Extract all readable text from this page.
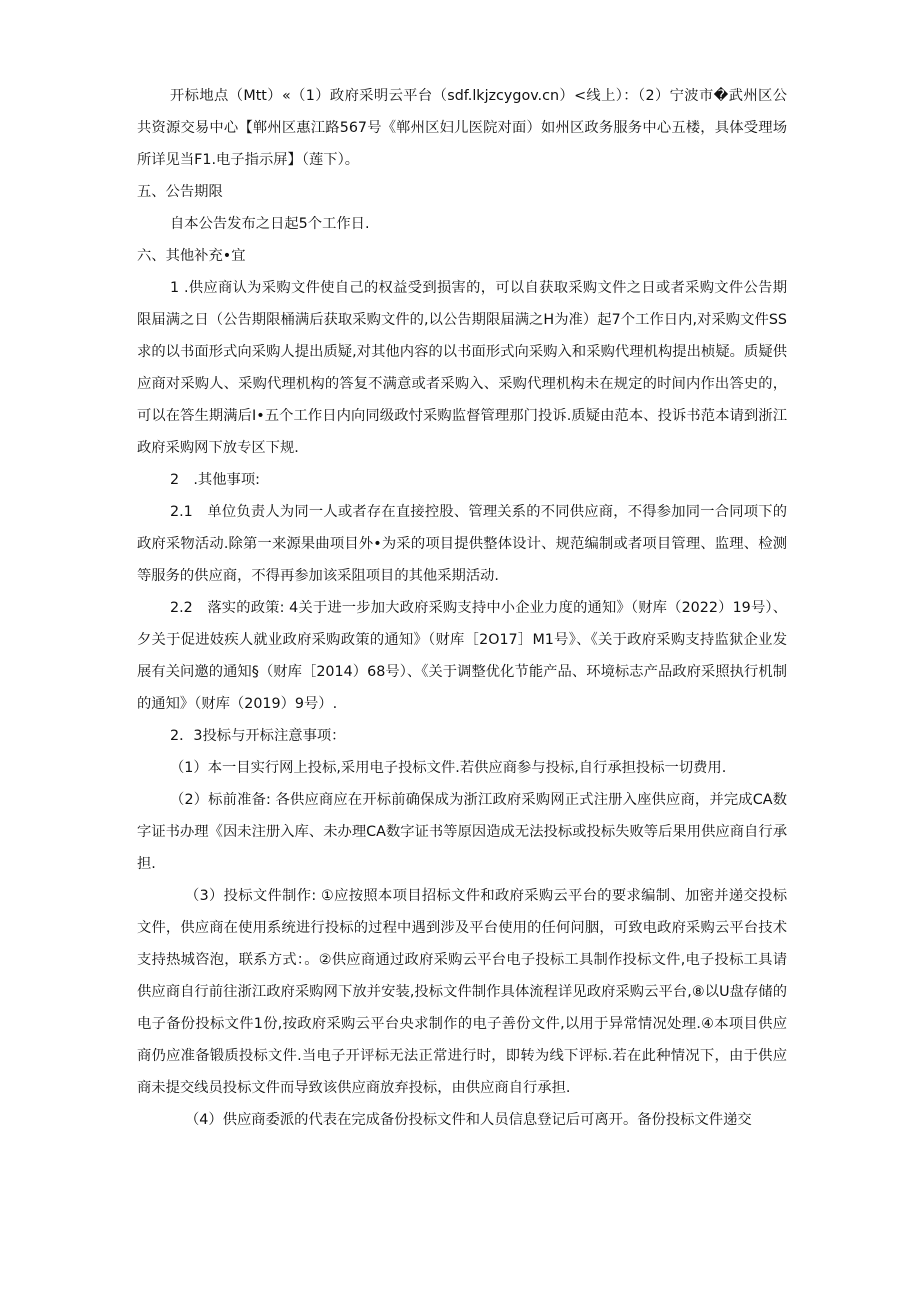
开标地点（Mtt）«（1）政府采明云平台（sdf.lkjzcygov.cn）<线上）：（2）宁波市�武州区公共资源交易中心【郸州区惠江路567号《郸州区妇儿医院对面）如州区政务服务中心五楼，具体受理场所详见当F1.电子指示屏】（莲下）。

五、公告期限

自本公告发布之日起5个工作日.

六、其他补充•宜

1 .供应商认为采购文件使自己的权益受到损害的，可以自获取采购文件之日或者采购文件公告期限届满之日（公告期限桶满后获取采购文件的,以公告期限届满之H为准）起7个工作日内,对采购文件SS求的以书面形式向采购人提出质疑,对其他内容的以书面形式向采购入和采购代理机构提出桢疑。质疑供应商对采购人、采购代理机构的答复不满意或者采购入、采购代理机构未在规定的时间内作出答史的，可以在答生期满后I•五个工作日内向同级政忖采购监督管理那门投诉.质疑由范本、投诉书范本请到浙江政府采购网下放专区下规.

2　.其他事项:

2.1　单位负责人为同一人或者存在直接控股、管理关系的不同供应商，不得参加同一合同项下的政府采物活动.除第一来源果曲项目外•为采的项目提供整体设计、规范编制或者项目管理、监理、检测等服务的供应商，不得再参加该采阻项目的其他采期活动.

2.2　落实的政策: 4关于进一步加大政府采购支持中小企业力度的通知》（财库（2022）19号）、夕关于促进妓疾人就业政府采购政策的通知》（财库［2O17］M1号》、《关于政府采购支持监狱企业发展有关问邀的通知§（财库［2014）68号）、《关于调整优化节能产品、环境标志产品政府采照执行机制的通知》（财库（2019）9号）.

2．3投标与开标注意事项：

（1）本一目实行网上投标,采用电子投标文件.若供应商参与投标,自行承担投标一切费用.

（2）标前准备: 各供应商应在开标前确保成为浙江政府采购网正式注册入座供应商，并完成CA数字证书办理《因未注册入库、未办理CA数字证书等原因造成无法投标或投标失败等后果用供应商自行承担.

（3）投标文件制作: ①应按照本项目招标文件和政府采购云平台的要求编制、加密并递交投标文件，供应商在使用系统进行投标的过程中遇到涉及平台使用的任何问胭，可致电政府采购云平台技术支持热城咨泡，联系方式：。②供应商通过政府采购云平台电子投标工具制作投标文件,电子投标工具请供应商自行前往浙江政府采购网下放并安装,投标文件制作具体流程详见政府采购云平台,⑧以U盘存储的电子备份投标文件1份,按政府采购云平台央求制作的电子善份文件,以用于异常情况处理.④本项目供应商仍应准备锻质投标文件.当电子开评标无法正常进行时，即转为线下评标.若在此种情况下，由于供应商未提交线员投标文件而导致该供应商放弃投标，由供应商自行承担.

（4）供应商委派的代表在完成备份投标文件和人员信息登记后可离开。备份投标文件递交
